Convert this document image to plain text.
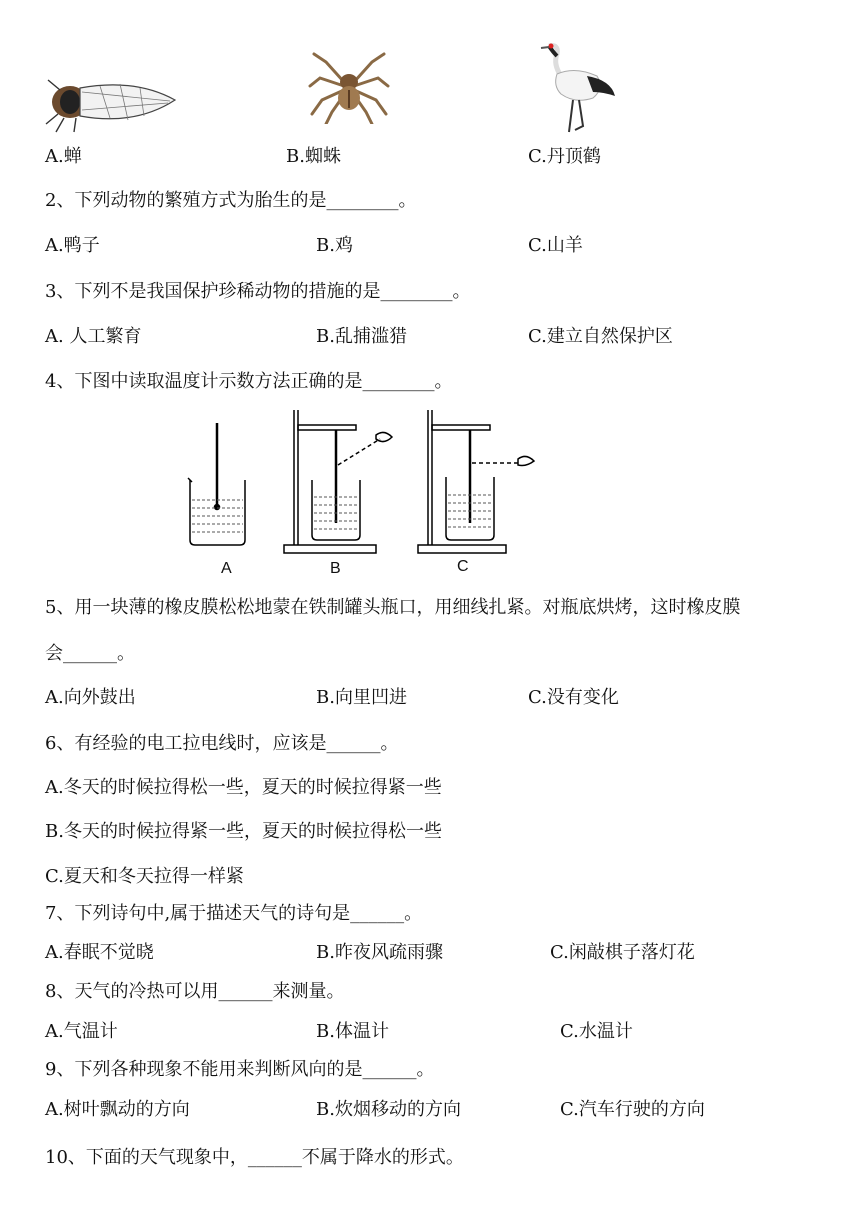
A.蝉	B.蜘蛛	C.丹顶鹤
2、下列动物的繁殖方式为胎生的是________。
A.鸭子	B.鸡	C.山羊
3、下列不是我国保护珍稀动物的措施的是________。
A. 人工繁育	B.乱捕滥猎	C.建立自然保护区
4、下图中读取温度计示数方法正确的是________。
A	B	C
5、用一块薄的橡皮膜松松地蒙在铁制罐头瓶口，用细线扎紧。对瓶底烘烤，这时橡皮膜
会______。
A.向外鼓出	B.向里凹进	C.没有变化
6、有经验的电工拉电线时，应该是______。
A.冬天的时候拉得松一些，夏天的时候拉得紧一些
B.冬天的时候拉得紧一些，夏天的时候拉得松一些
C.夏天和冬天拉得一样紧
7、下列诗句中,属于描述天气的诗句是______。
A.春眠不觉晓	B.昨夜风疏雨骤	C.闲敲棋子落灯花
8、天气的冷热可以用______来测量。
A.气温计	B.体温计	C.水温计
9、下列各种现象不能用来判断风向的是______。
A.树叶飘动的方向	B.炊烟移动的方向	C.汽车行驶的方向
10、下面的天气现象中，______不属于降水的形式。
